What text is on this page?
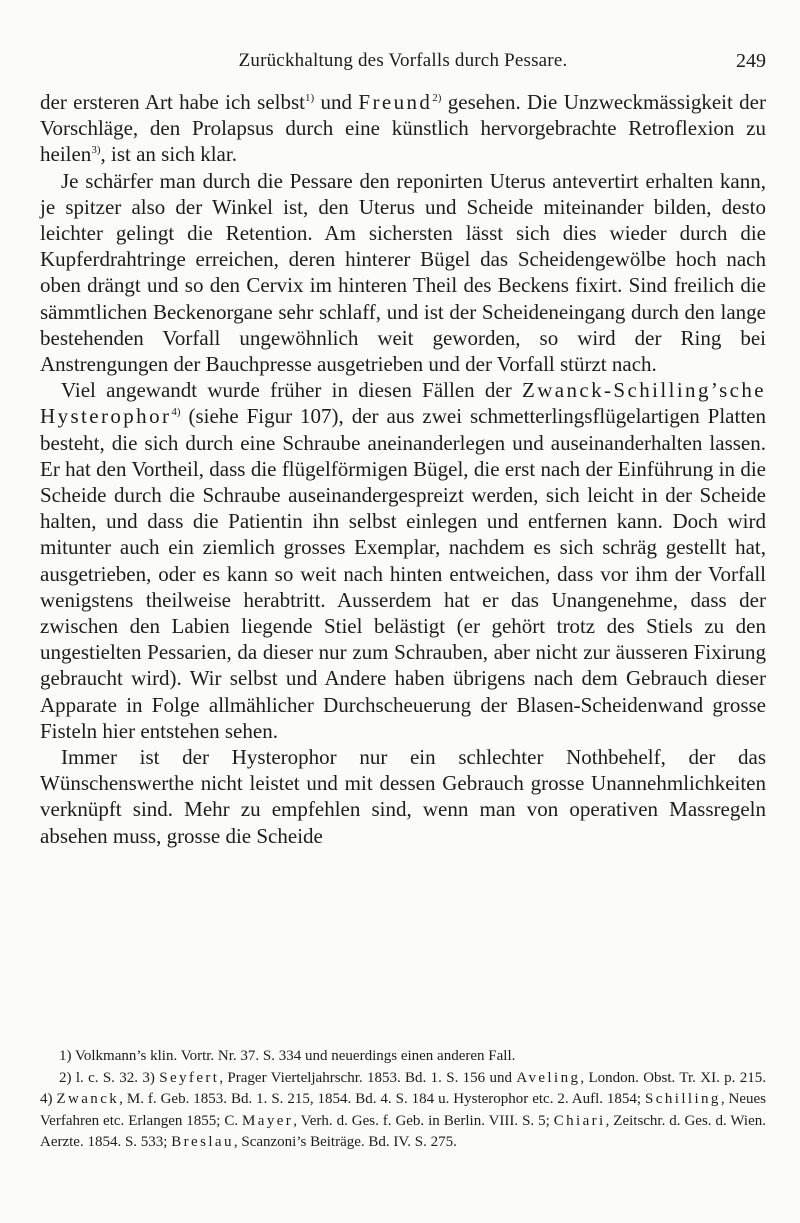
Zurückhaltung des Vorfalls durch Pessare.	249

der ersteren Art habe ich selbst$^{1)}$ und Freund$^{2)}$ gesehen. Die Unzweckmässigkeit der Vorschläge, den Prolapsus durch eine künstlich hervorgebrachte Retroflexion zu heilen$^{3)}$, ist an sich klar.

Je schärfer man durch die Pessare den reponirten Uterus antevertirt erhalten kann, je spitzer also der Winkel ist, den Uterus und Scheide miteinander bilden, desto leichter gelingt die Retention. Am sichersten lässt sich dies wieder durch die Kupferdrahtringe erreichen, deren hinterer Bügel das Scheidengewölbe hoch nach oben drängt und so den Cervix im hinteren Theil des Beckens fixirt. Sind freilich die sämmtlichen Beckenorgane sehr schlaff, und ist der Scheideneingang durch den lange bestehenden Vorfall ungewöhnlich weit geworden, so wird der Ring bei Anstrengungen der Bauchpresse ausgetrieben und der Vorfall stürzt nach.

Viel angewandt wurde früher in diesen Fällen der Zwanck-Schilling’sche Hysterophor$^{4)}$ (siehe Figur 107), der aus zwei schmetterlingsflügelartigen Platten besteht, die sich durch eine Schraube aneinanderlegen und auseinanderhalten lassen. Er hat den Vortheil, dass die flügelförmigen Bügel, die erst nach der Einführung in die Scheide durch die Schraube auseinandergespreizt werden, sich leicht in der Scheide halten, und dass die Patientin ihn selbst einlegen und entfernen kann. Doch wird mitunter auch ein ziemlich grosses Exemplar, nachdem es sich schräg gestellt hat, ausgetrieben, oder es kann so weit nach hinten entweichen, dass vor ihm der Vorfall wenigstens theilweise herabtritt. Ausserdem hat er das Unangenehme, dass der zwischen den Labien liegende Stiel belästigt (er gehört trotz des Stiels zu den ungestielten Pessarien, da dieser nur zum Schrauben, aber nicht zur äusseren Fixirung gebraucht wird). Wir selbst und Andere haben übrigens nach dem Gebrauch dieser Apparate in Folge allmählicher Durchscheuerung der Blasen-Scheidenwand grosse Fisteln hier entstehen sehen.

Immer ist der Hysterophor nur ein schlechter Nothbehelf, der das Wünschenswerthe nicht leistet und mit dessen Gebrauch grosse Unannehmlichkeiten verknüpft sind. Mehr zu empfehlen sind, wenn man von operativen Massregeln absehen muss, grosse die Scheide

1) Volkmann’s klin. Vortr. Nr. 37. S. 334 und neuerdings einen anderen Fall.

2) l. c. S. 32. 3) Seyfert, Prager Vierteljahrschr. 1853. Bd. 1. S. 156 und Aveling, London. Obst. Tr. XI. p. 215. 4) Zwanck, M. f. Geb. 1853. Bd. 1. S. 215, 1854. Bd. 4. S. 184 u. Hysterophor etc. 2. Aufl. 1854; Schilling, Neues Verfahren etc. Erlangen 1855; C. Mayer, Verh. d. Ges. f. Geb. in Berlin. VIII. S. 5; Chiari, Zeitschr. d. Ges. d. Wien. Aerzte. 1854. S. 533; Breslau, Scanzoni’s Beiträge. Bd. IV. S. 275.
